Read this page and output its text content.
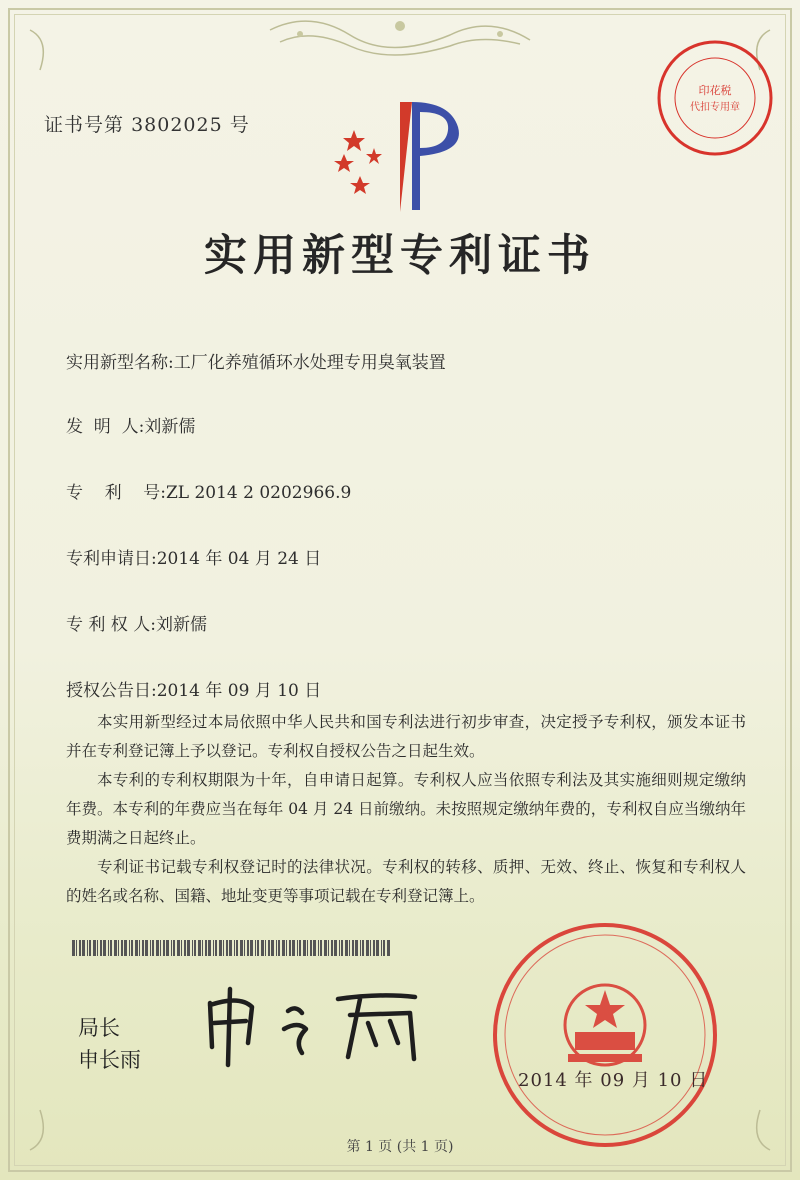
证书号第 3802025 号
实用新型专利证书
实用新型名称:工厂化养殖循环水处理专用臭氧装置
发  明  人:刘新儒
专    利    号:ZL 2014 2 0202966.9
专利申请日:2014 年 04 月 24 日
专 利 权 人:刘新儒
授权公告日:2014 年 09 月 10 日

本实用新型经过本局依照中华人民共和国专利法进行初步审查，决定授予专利权，颁发本证书并在专利登记簿上予以登记。专利权自授权公告之日起生效。

本专利的专利权期限为十年，自申请日起算。专利权人应当依照专利法及其实施细则规定缴纳年费。本专利的年费应当在每年 04 月 24 日前缴纳。未按照规定缴纳年费的，专利权自应当缴纳年费期满之日起终止。

专利证书记载专利权登记时的法律状况。专利权的转移、质押、无效、终止、恢复和专利权人的姓名或名称、国籍、地址变更等事项记载在专利登记簿上。

局长
申长雨
印花税
代扣专用章
2014 年 09 月 10 日
第 1 页 (共 1 页)
